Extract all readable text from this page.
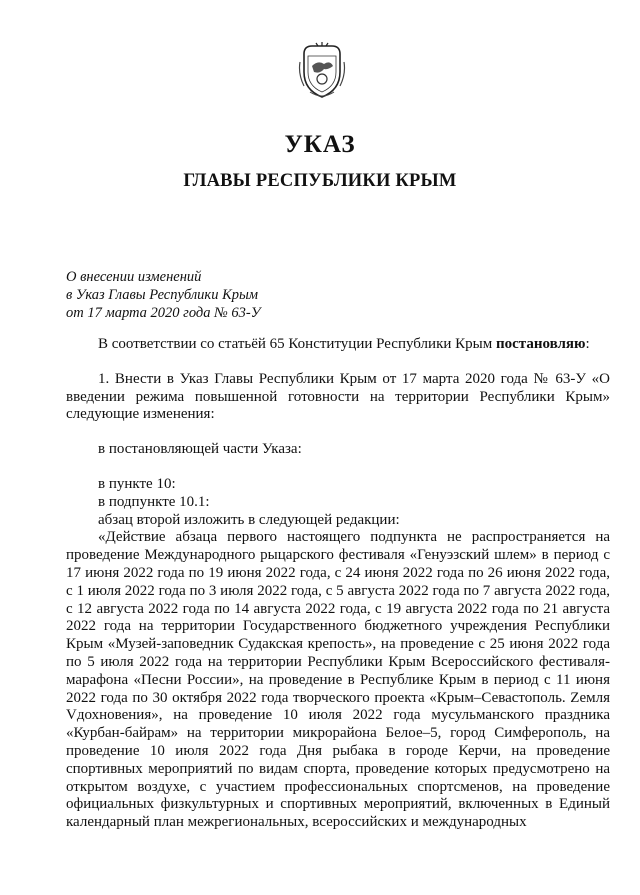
УКАЗ
ГЛАВЫ РЕСПУБЛИКИ КРЫМ
О внесении изменений
в Указ Главы Республики Крым
от 17 марта 2020 года № 63-У

В соответствии со статьёй 65 Конституции Республики Крым постановляю:

1. Внести в Указ Главы Республики Крым от 17 марта 2020 года № 63-У «О введении режима повышенной готовности на территории Республики Крым» следующие изменения:

в постановляющей части Указа:

в пункте 10:

в подпункте 10.1:

абзац второй изложить в следующей редакции:

«Действие абзаца первого настоящего подпункта не распространяется на проведение Международного рыцарского фестиваля «Генуэзский шлем» в период с 17 июня 2022 года по 19 июня 2022 года, с 24 июня 2022 года по 26 июня 2022 года, с 1 июля 2022 года по 3 июля 2022 года, с 5 августа 2022 года по 7 августа 2022 года, с 12 августа 2022 года по 14 августа 2022 года, с 19 августа 2022 года по 21 августа 2022 года на территории Государственного бюджетного учреждения Республики Крым «Музей-заповедник Судакская крепость», на проведение с 25 июня 2022 года по 5 июля 2022 года на территории Республики Крым Всероссийского фестиваля-марафона «Песни России», на проведение в Республике Крым в период с 11 июня 2022 года по 30 октября 2022 года творческого проекта «Крым–Севастополь. Zемля Vдохновения», на проведение 10 июля 2022 года мусульманского праздника «Курбан-байрам» на территории микрорайона Белое–5, город Симферополь, на проведение 10 июля 2022 года Дня рыбака в городе Керчи, на проведение спортивных мероприятий по видам спорта, проведение которых предусмотрено на открытом воздухе, с участием профессиональных спортсменов, на проведение официальных физкультурных и спортивных мероприятий, включенных в Единый календарный план межрегиональных, всероссийских и международных
